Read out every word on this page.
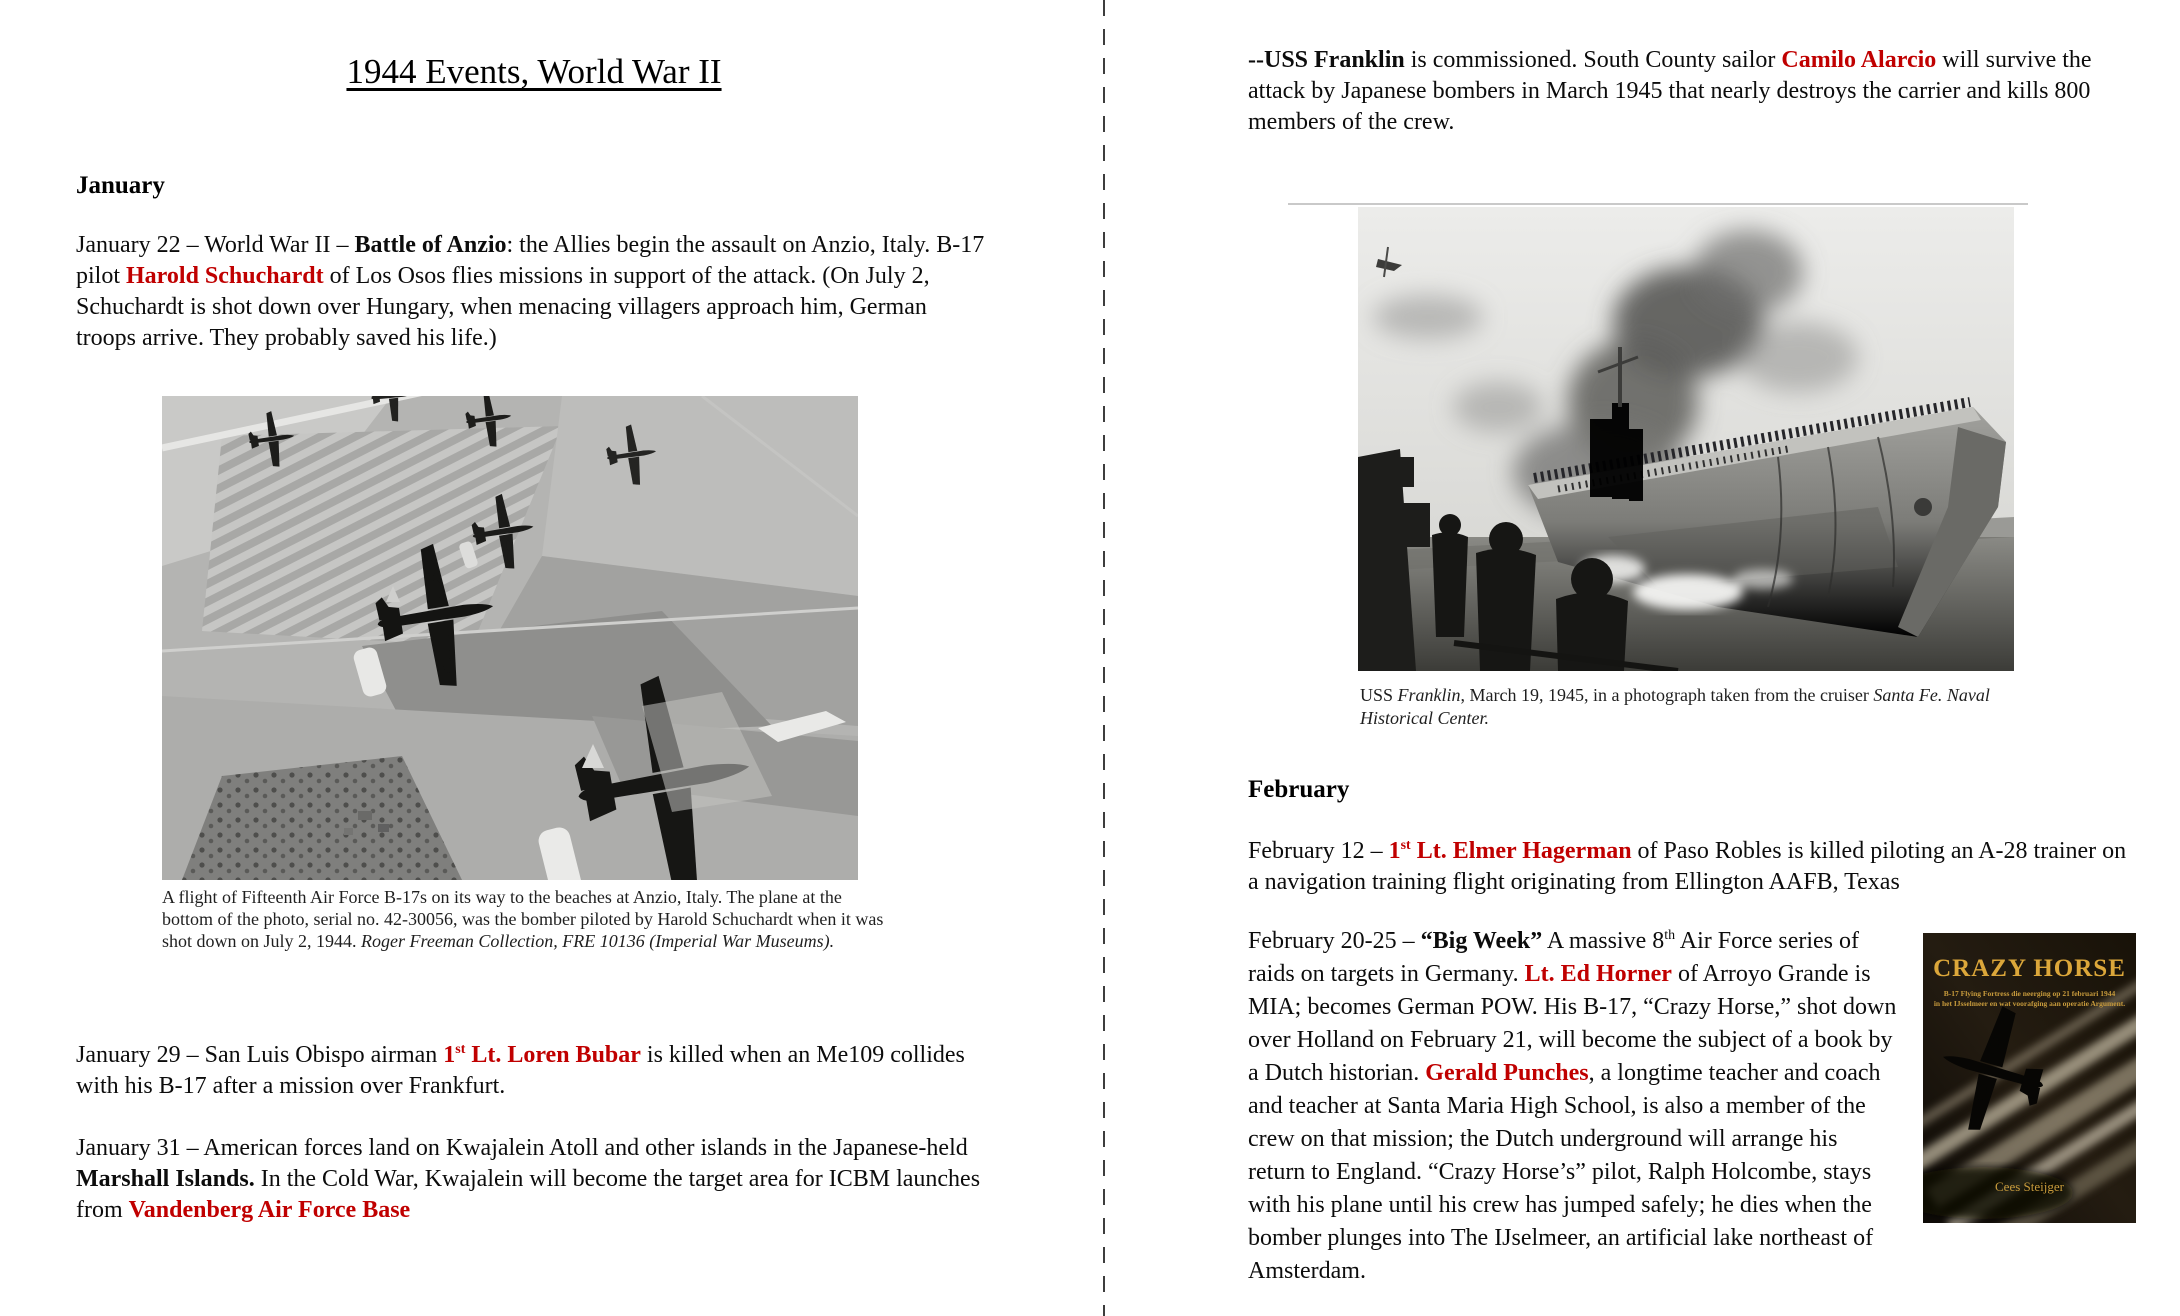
1944 Events, World War II
January
January 22 – World War II – Battle of Anzio: the Allies begin the assault on Anzio, Italy. B-17 pilot Harold Schuchardt of Los Osos flies missions in support of the attack. (On July 2, Schuchardt is shot down over Hungary, when menacing villagers approach him, German troops arrive. They probably saved his life.)
A flight of Fifteenth Air Force B-17s on its way to the beaches at Anzio, Italy. The plane at the bottom of the photo, serial no. 42-30056, was the bomber piloted by Harold Schuchardt when it was shot down on July 2, 1944. Roger Freeman Collection, FRE 10136 (Imperial War Museums).
January 29 – San Luis Obispo airman 1st Lt. Loren Bubar is killed when an Me109 collides with his B-17 after a mission over Frankfurt.
January 31 – American forces land on Kwajalein Atoll and other islands in the Japanese-held Marshall Islands. In the Cold War, Kwajalein will become the target area for ICBM launches from Vandenberg Air Force Base
--USS Franklin is commissioned. South County sailor Camilo Alarcio will survive the attack by Japanese bombers in March 1945 that nearly destroys the carrier and kills 800 members of the crew.
USS Franklin, March 19, 1945, in a photograph taken from the cruiser Santa Fe. Naval Historical Center.
February
February 12 – 1st Lt. Elmer Hagerman of Paso Robles is killed piloting an A-28 trainer on a navigation training flight originating from Ellington AAFB, Texas
CRAZY HORSE
B-17 Flying Fortress die neerging op 21 februari 1944
in het IJsselmeer en wat voorafging aan operatie Argument.
Cees Steijger
February 20-25 – “Big Week” A massive 8th Air Force series of raids on targets in Germany. Lt. Ed Horner of Arroyo Grande is MIA; becomes German POW. His B-17, “Crazy Horse,” shot down over Holland on February 21, will become the subject of a book by a Dutch historian. Gerald Punches, a longtime teacher and coach and teacher at Santa Maria High School, is also a member of the crew on that mission; the Dutch underground will arrange his return to England. “Crazy Horse’s” pilot, Ralph Holcombe, stays with his plane until his crew has jumped safely; he dies when the bomber plunges into The IJselmeer, an artificial lake northeast of Amsterdam.
